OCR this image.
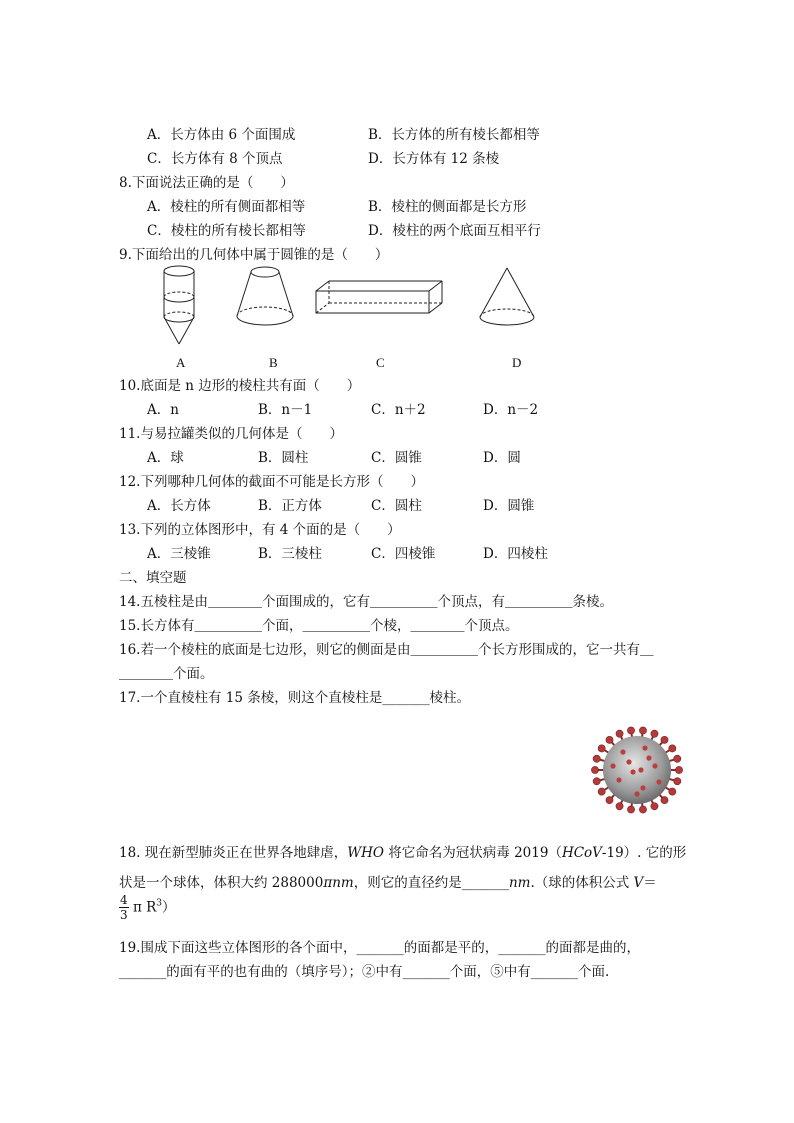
A．长方体由 6 个面围成	B．长方体的所有棱长都相等
C．长方体有 8 个顶点	D．长方体有 12 条棱
8.下面说法正确的是（　　）
A．棱柱的所有侧面都相等	B．棱柱的侧面都是长方形
C．棱柱的所有棱长都相等	D．棱柱的两个底面互相平行
9.下面给出的几何体中属于圆锥的是（　　）
A	B	C	D
10.底面是 n 边形的棱柱共有面（　　）
A．n	B．n－1	C．n＋2	D．n－2
11.与易拉罐类似的几何体是（　　）
A．球	B．圆柱	C．圆锥	D．圆
12.下列哪种几何体的截面不可能是长方形（　　）
A．长方体	B．正方体	C．圆柱	D．圆锥
13.下列的立体图形中，有 4 个面的是（　　）
A．三棱锥	B．三棱柱	C．四棱锥	D．四棱柱
二、填空题
14.五棱柱是由＿＿＿＿个面围成的，它有＿＿＿＿＿个顶点，有＿＿＿＿＿条棱。
15.长方体有＿＿＿＿＿个面，＿＿＿＿＿个棱，＿＿＿＿个顶点。
16.若一个棱柱的底面是七边形，则它的侧面是由＿＿＿＿＿个长方形围成的，它一共有＿
＿＿＿＿个面。
17.一个直棱柱有 15 条棱，则这个直棱柱是_______棱柱。
18. 现在新型肺炎正在世界各地肆虐，WHO 将它命名为冠状病毒 2019（HCoV-19）. 它的形
状是一个球体，体积大约 288000πnm，则它的直径约是_______nm.（球的体积公式 V＝
$\frac{4}{3}$ π $R^3$）
19.围成下面这些立体图形的各个面中，_______的面都是平的，_______的面都是曲的，
_______的面有平的也有曲的（填序号）；②中有_______个面，⑤中有_______个面.
